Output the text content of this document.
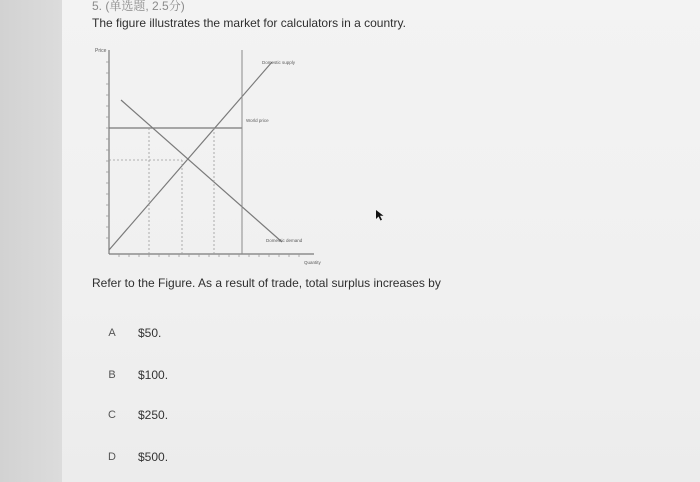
5. (单选题, 2.5分)
The figure illustrates the market for calculators in a country.
Price
Domestic supply
World price
Domestic demand
Quantity
Refer to the Figure. As a result of trade, total surplus increases by
A	$50.
B	$100.
C	$250.
D	$500.
